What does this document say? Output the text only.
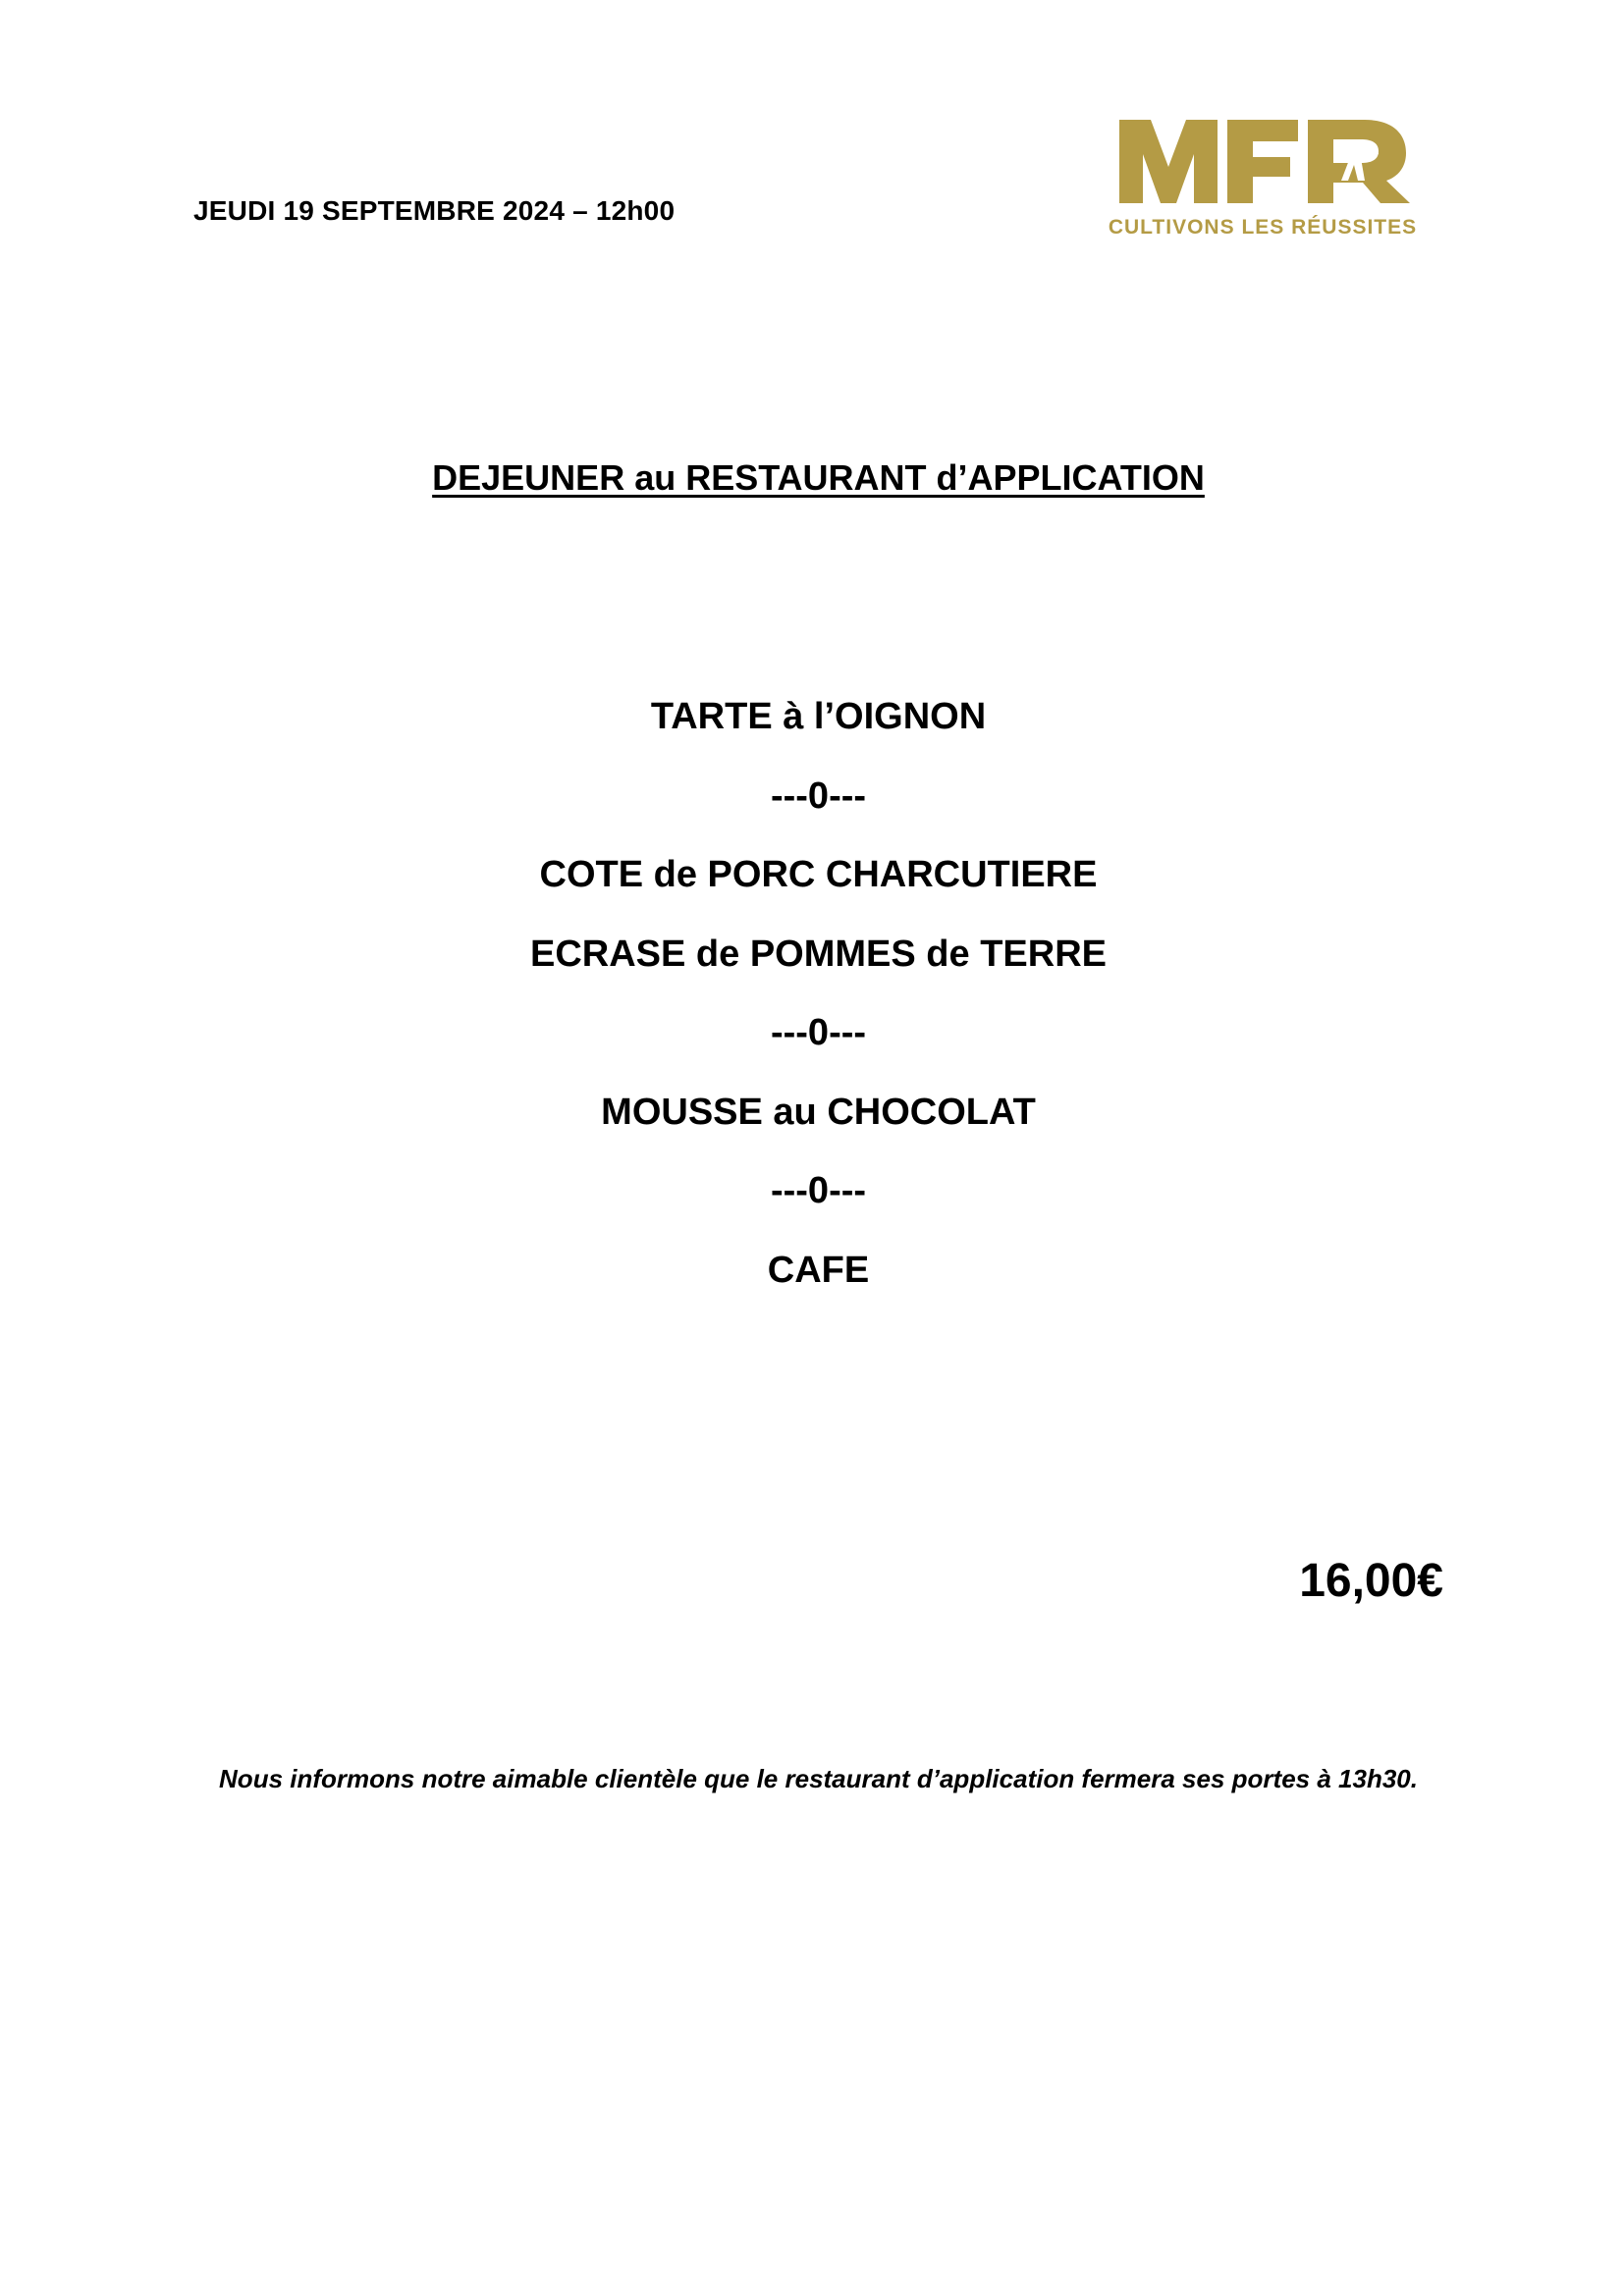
JEUDI 19 SEPTEMBRE 2024 – 12h00
CULTIVONS LES RÉUSSITES
DEJEUNER au RESTAURANT d’APPLICATION
TARTE à l’OIGNON
---0---
COTE de PORC CHARCUTIERE
ECRASE de POMMES de TERRE
---0---
MOUSSE au CHOCOLAT
---0---
CAFE
16,00€
Nous informons notre aimable clientèle que le restaurant d’application fermera ses portes à 13h30.
